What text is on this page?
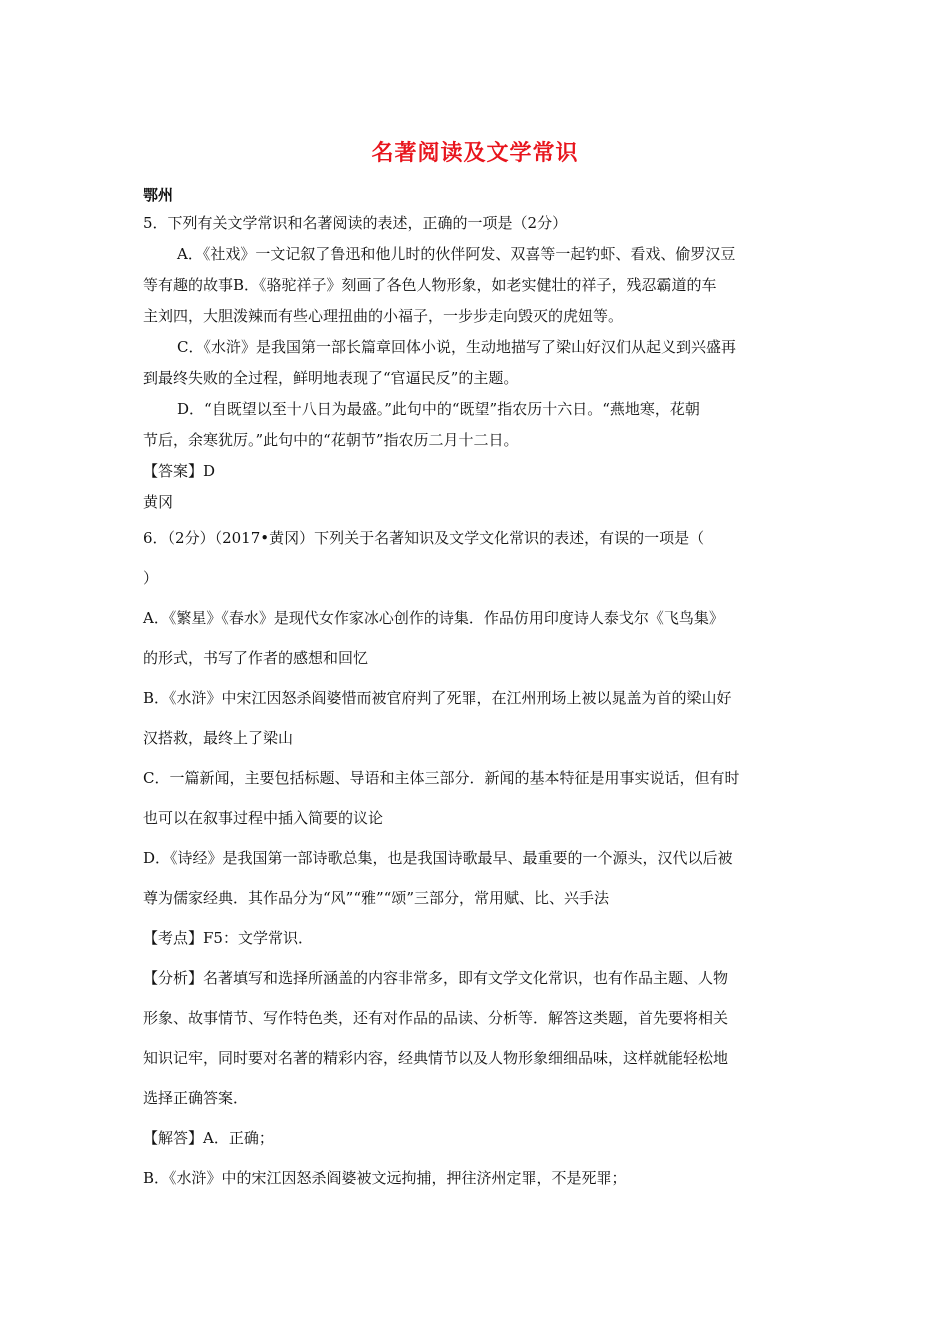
名著阅读及文学常识

鄂州

5．下列有关文学常识和名著阅读的表述，正确的一项是（2分）

A．《社戏》一文记叙了鲁迅和他儿时的伙伴阿发、双喜等一起钓虾、看戏、偷罗汉豆

等有趣的故事B．《骆驼祥子》刻画了各色人物形象，如老实健壮的祥子，残忍霸道的车

主刘四，大胆泼辣而有些心理扭曲的小福子，一步步走向毁灭的虎妞等。

C．《水浒》是我国第一部长篇章回体小说，生动地描写了梁山好汉们从起义到兴盛再

到最终失败的全过程，鲜明地表现了“官逼民反”的主题。

D．“自既望以至十八日为最盛。”此句中的“既望”指农历十六日。“燕地寒，花朝

节后，余寒犹厉。”此句中的“花朝节”指农历二月十二日。

【答案】D

黄冈

6．（2分）（2017•黄冈）下列关于名著知识及文学文化常识的表述，有误的一项是（

）

A．《繁星》《春水》是现代女作家冰心创作的诗集．作品仿用印度诗人泰戈尔《飞鸟集》

的形式，书写了作者的感想和回忆

B．《水浒》中宋江因怒杀阎婆惜而被官府判了死罪，在江州刑场上被以晁盖为首的梁山好

汉搭救，最终上了梁山

C．一篇新闻，主要包括标题、导语和主体三部分．新闻的基本特征是用事实说话，但有时

也可以在叙事过程中插入简要的议论

D．《诗经》是我国第一部诗歌总集，也是我国诗歌最早、最重要的一个源头，汉代以后被

尊为儒家经典．其作品分为“风”“雅”“颂”三部分，常用赋、比、兴手法

【考点】F5：文学常识．

【分析】名著填写和选择所涵盖的内容非常多，即有文学文化常识，也有作品主题、人物

形象、故事情节、写作特色类，还有对作品的品读、分析等．解答这类题，首先要将相关

知识记牢，同时要对名著的精彩内容，经典情节以及人物形象细细品味，这样就能轻松地

选择正确答案．

【解答】A．正确；

B．《水浒》中的宋江因怒杀阎婆被文远拘捕，押往济州定罪，不是死罪；
